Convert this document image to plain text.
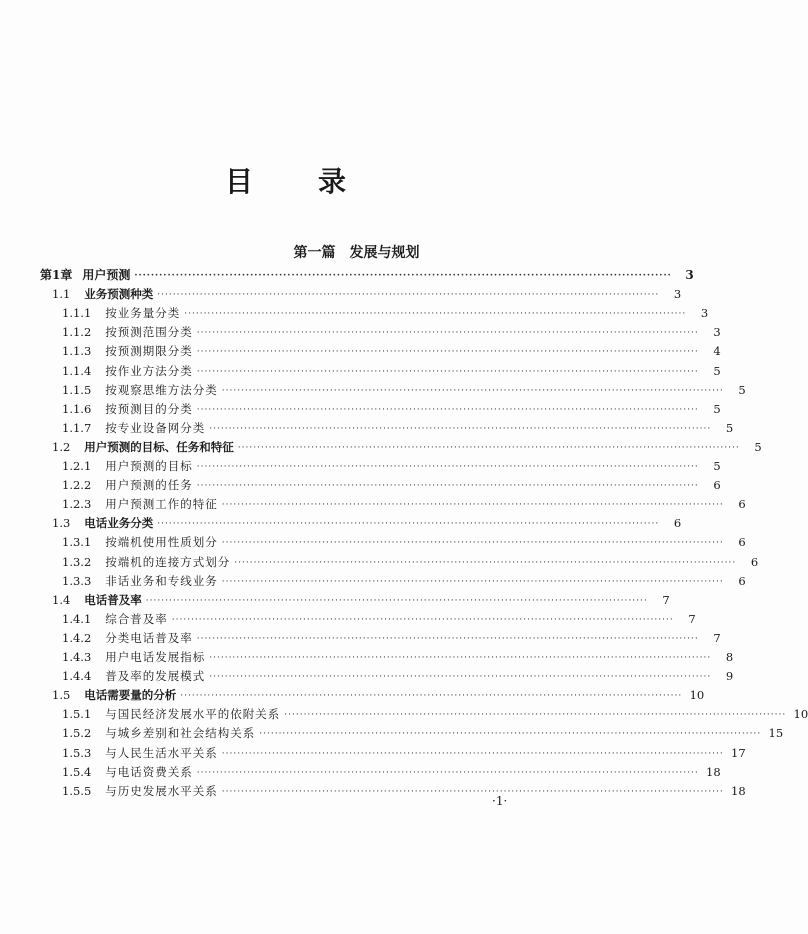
目 录
第一篇　发展与规划
第1章 用户预测 ··································································································································	3
1.1	业务预测种类 ··································································································································	3
1.1.1	按业务量分类 ··································································································································	3
1.1.2	按预测范围分类 ··································································································································	3
1.1.3	按预测期限分类 ··································································································································	4
1.1.4	按作业方法分类 ··································································································································	5
1.1.5	按观察思维方法分类 ··································································································································	5
1.1.6	按预测目的分类 ··································································································································	5
1.1.7	按专业设备网分类 ··································································································································	5
1.2	用户预测的目标、任务和特征 ··································································································································	5
1.2.1	用户预测的目标 ··································································································································	5
1.2.2	用户预测的任务 ··································································································································	6
1.2.3	用户预测工作的特征 ··································································································································	6
1.3	电话业务分类 ··································································································································	6
1.3.1	按端机使用性质划分 ··································································································································	6
1.3.2	按端机的连接方式划分 ··································································································································	6
1.3.3	非话业务和专线业务 ··································································································································	6
1.4	电话普及率 ··································································································································	7
1.4.1	综合普及率 ··································································································································	7
1.4.2	分类电话普及率 ··································································································································	7
1.4.3	用户电话发展指标 ··································································································································	8
1.4.4	普及率的发展模式 ··································································································································	9
1.5	电话需要量的分析 ·································································································································· 10
1.5.1	与国民经济发展水平的依附关系 ·································································································································· 10
1.5.2	与城乡差别和社会结构关系 ·································································································································· 15
1.5.3	与人民生活水平关系 ·································································································································· 17
1.5.4	与电话资费关系 ·································································································································· 18
1.5.5	与历史发展水平关系 ·································································································································· 18
·1·
